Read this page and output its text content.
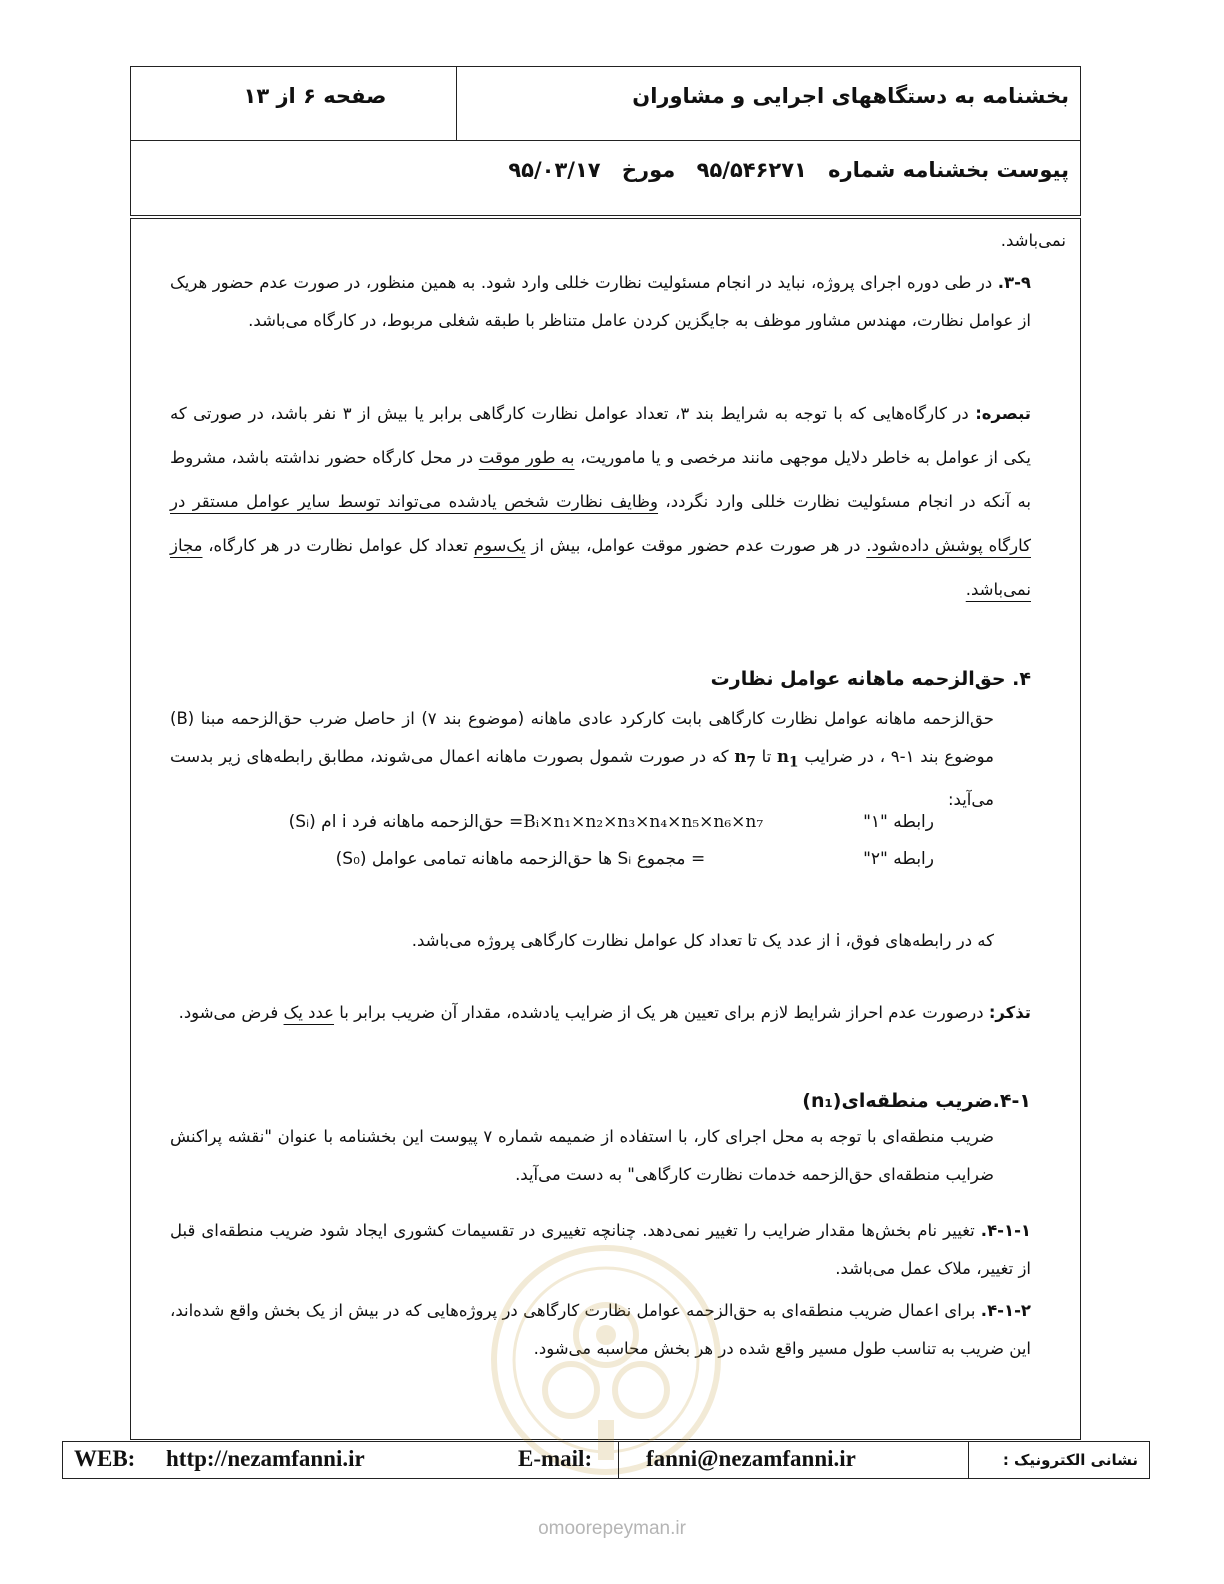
بخشنامه به دستگاههای اجرایی و مشاوران
صفحه ۶ از ۱۳
پیوست بخشنامه شماره ۹۵/۵۴۶۲۷۱ مورخ ۹۵/۰۳/۱۷
نمی‌باشد.
۳-۹. در طی دوره اجرای پروژه، نباید در انجام مسئولیت نظارت خللی وارد شود. به همین منظور، در صورت عدم حضور هریک از عوامل نظارت، مهندس مشاور موظف به جایگزین کردن عامل متناظر با طبقه شغلی مربوط، در کارگاه می‌باشد.
تبصره: در کارگاه‌هایی که با توجه به شرایط بند ۳، تعداد عوامل نظارت کارگاهی برابر یا بیش از ۳ نفر باشد، در صورتی که یکی از عوامل به خاطر دلایل موجهی مانند مرخصی و یا ماموریت، به طور موقت در محل کارگاه حضور نداشته باشد، مشروط به آنکه در انجام مسئولیت نظارت خللی وارد نگردد، وظایف نظارت شخص یادشده می‌تواند توسط سایر عوامل مستقر در کارگاه پوشش داده‌شود. در هر صورت عدم حضور موقت عوامل، بیش از یک‌سوم تعداد کل عوامل نظارت در هر کارگاه، مجاز نمی‌باشد.
۴. حق‌الزحمه ماهانه عوامل نظارت
حق‌الزحمه ماهانه عوامل نظارت کارگاهی بابت کارکرد عادی ماهانه (موضوع بند ۷) از حاصل ضرب حق‌الزحمه مبنا (B) موضوع بند ۱-۹ ، در ضرایب $n_1$ تا $n_7$ که در صورت شمول بصورت ماهانه اعمال می‌شوند، مطابق رابطه‌های زیر بدست می‌آید:
رابطه "۱"  =Bᵢ×n₁×n₂×n₃×n₄×n₅×n₆×n₇ حق‌الزحمه ماهانه فرد i ام (Sᵢ)
رابطه "۲"  = مجموع Sᵢ ها حق‌الزحمه ماهانه تمامی عوامل (S₀)
که در رابطه‌های فوق، i از عدد یک تا تعداد کل عوامل نظارت کارگاهی پروژه می‌باشد.
تذکر: درصورت عدم احراز شرایط لازم برای تعیین هر یک از ضرایب یادشده، مقدار آن ضریب برابر با عدد یک فرض می‌شود.
۴-۱.ضریب منطقه‌ای(n₁)
ضریب منطقه‌ای با توجه به محل اجرای کار، با استفاده از ضمیمه شماره ۷ پیوست این بخشنامه با عنوان "نقشه پراکنش ضرایب منطقه‌ای حق‌الزحمه خدمات نظارت کارگاهی" به دست می‌آید.
۴-۱-۱. تغییر نام بخش‌ها مقدار ضرایب را تغییر نمی‌دهد. چنانچه تغییری در تقسیمات کشوری ایجاد شود ضریب منطقه‌ای قبل از تغییر، ملاک عمل می‌باشد.
۴-۱-۲. برای اعمال ضریب منطقه‌ای به حق‌الزحمه عوامل نظارت کارگاهی در پروژه‌هایی که در بیش از یک بخش واقع شده‌اند، این ضریب به تناسب طول مسیر واقع شده در هر بخش محاسبه می‌شود.
نشانی الکترونیک :
fanni@nezamfanni.ir
E-mail:
http://nezamfanni.ir
WEB:
omoorepeyman.ir
